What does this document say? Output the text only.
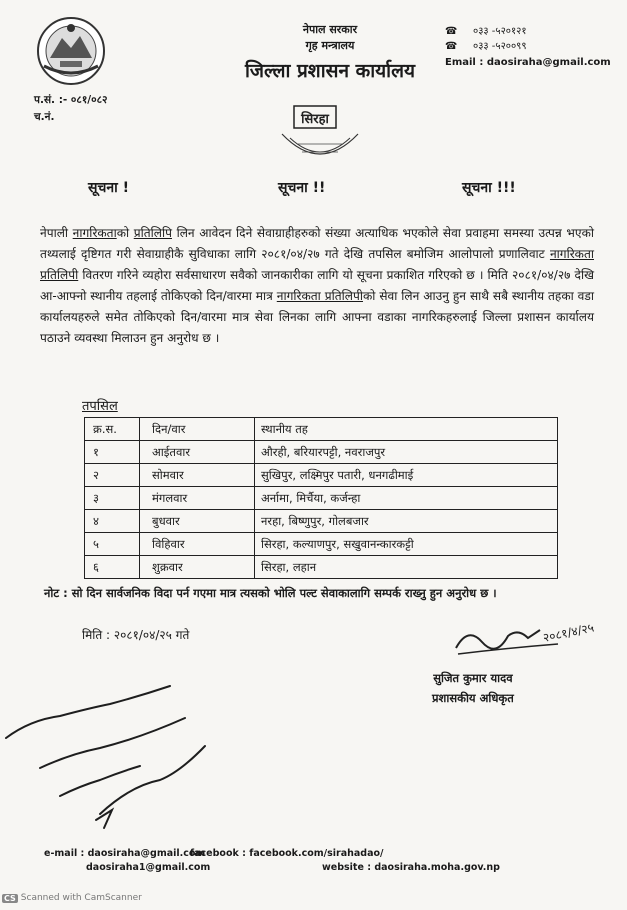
प.सं. :- ०८१/०८२
च.नं.
नेपाल सरकार
गृह मन्त्रालय
जिल्ला प्रशासन कार्यालय
☎	०३३ -५२०१२१
☎	०३३ -५२००९९
Email : daosiraha@gmail.com
सिरहा
सूचना !	सूचना !!	सूचना !!!
नेपाली नागरिकताको प्रतिलिपि लिन आवेदन दिने सेवाग्राहीहरुको संख्या अत्याधिक भएकोले सेवा प्रवाहमा समस्या उत्पन्न भएको तथ्यलाई दृष्टिगत गरी सेवाग्राहीकै सुविधाका लागि २०८१/०४/२७ गते देखि तपसिल बमोजिम आलोपालो प्रणालिवाट नागरिकता प्रतिलिपी वितरण गरिने व्यहोरा सर्वसाधारण सवैको जानकारीका लागि यो सूचना प्रकाशित गरिएको छ । मिति २०८१/०४/२७ देखि आ-आफ्नो स्थानीय तहलाई तोकिएको दिन/वारमा मात्र नागरिकता प्रतिलिपीको सेवा लिन आउनु हुन साथै सबै स्थानीय तहका वडा कार्यालयहरुले समेत तोकिएको दिन/वारमा मात्र सेवा लिनका लागि आफ्ना वडाका नागरिकहरुलाई जिल्ला प्रशासन कार्यालय पठाउने व्यवस्था मिलाउन हुन अनुरोध छ ।
तपसिल
क्र.स.	दिन/वार	स्थानीय तह
१	आईतवार	औरही, बरियारपट्टी, नवराजपुर
२	सोमवार	सुखिपुर, लक्ष्मिपुर पतारी, धनगढीमाई
३	मंगलवार	अर्नामा, मिर्चैया, कर्जन्हा
४	बुधवार	नरहा, बिष्णुपुर, गोलबजार
५	विहिवार	सिरहा, कल्याणपुर, सखुवानन्कारकट्टी
६	शुक्रवार	सिरहा, लहान
नोट : सो दिन सार्वजनिक विदा पर्न गएमा मात्र त्यसको भोलि पल्ट सेवाकालागि सम्पर्क राख्नु हुन अनुरोध छ ।
मिति : २०८१/०४/२५ गते	२०८१/४/२५
सुजित कुमार यादव
प्रशासकीय अधिकृत
e-mail : daosiraha@gmail.com
daosiraha1@gmail.com
facebook : facebook.com/sirahadao/
website : daosiraha.moha.gov.np
CS Scanned with CamScanner
